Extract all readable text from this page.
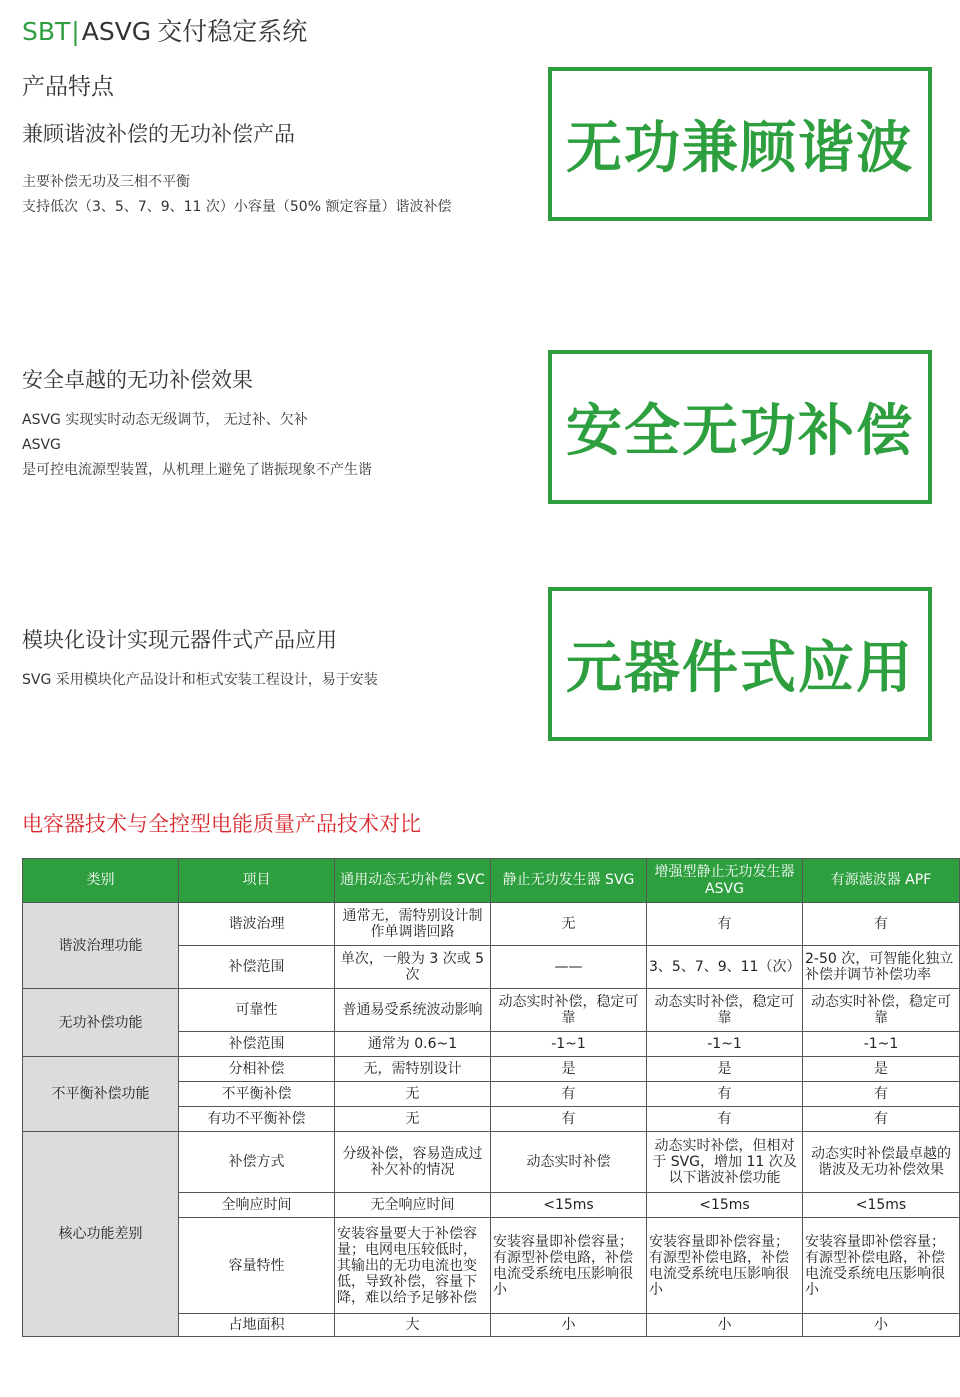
SBT|ASVG 交付稳定系统
产品特点
兼顾谐波补偿的无功补偿产品
主要补偿无功及三相不平衡
支持低次（3、5、7、9、11 次）小容量（50% 额定容量）谐波补偿
无功兼顾谐波
安全卓越的无功补偿效果
ASVG 实现实时动态无级调节， 无过补、欠补
ASVG
是可控电流源型装置，从机理上避免了谐振现象不产生谐
安全无功补偿
模块化设计实现元器件式产品应用
SVG 采用模块化产品设计和柜式安装工程设计，易于安装	元器件式应用
电容器技术与全控型电能质量产品技术对比
类别	项目	通用动态无功补偿 SVC	静止无功发生器 SVG	增强型静止无功发生器 ASVG	有源滤波器 APF
谐波治理功能	谐波治理	通常无，需特别设计制作单调谐回路	无	有	有
	补偿范围	单次，一般为 3 次或 5 次	——	3、5、7、9、11（次）	2-50 次，可智能化独立补偿并调节补偿功率
无功补偿功能	可靠性	普通易受系统波动影响	动态实时补偿，稳定可靠	动态实时补偿，稳定可靠	动态实时补偿，稳定可靠
	补偿范围	通常为 0.6~1	-1~1	-1~1	-1~1
不平衡补偿功能	分相补偿	无，需特别设计	是	是	是
	不平衡补偿	无	有	有	有
	有功不平衡补偿	无	有	有	有
核心功能差别	补偿方式	分级补偿，容易造成过补欠补的情况	动态实时补偿	动态实时补偿，但相对于 SVG，增加 11 次及以下谐波补偿功能	动态实时补偿最卓越的谐波及无功补偿效果
	全响应时间	无全响应时间	<15ms	<15ms	<15ms
	容量特性	安装容量要大于补偿容量；电网电压较低时，其输出的无功电流也变低，导致补偿，容量下降，难以给予足够补偿	安装容量即补偿容量；有源型补偿电路，补偿电流受系统电压影响很小	安装容量即补偿容量；有源型补偿电路，补偿电流受系统电压影响很小	安装容量即补偿容量；有源型补偿电路，补偿电流受系统电压影响很小
	占地面积	大	小	小	小
